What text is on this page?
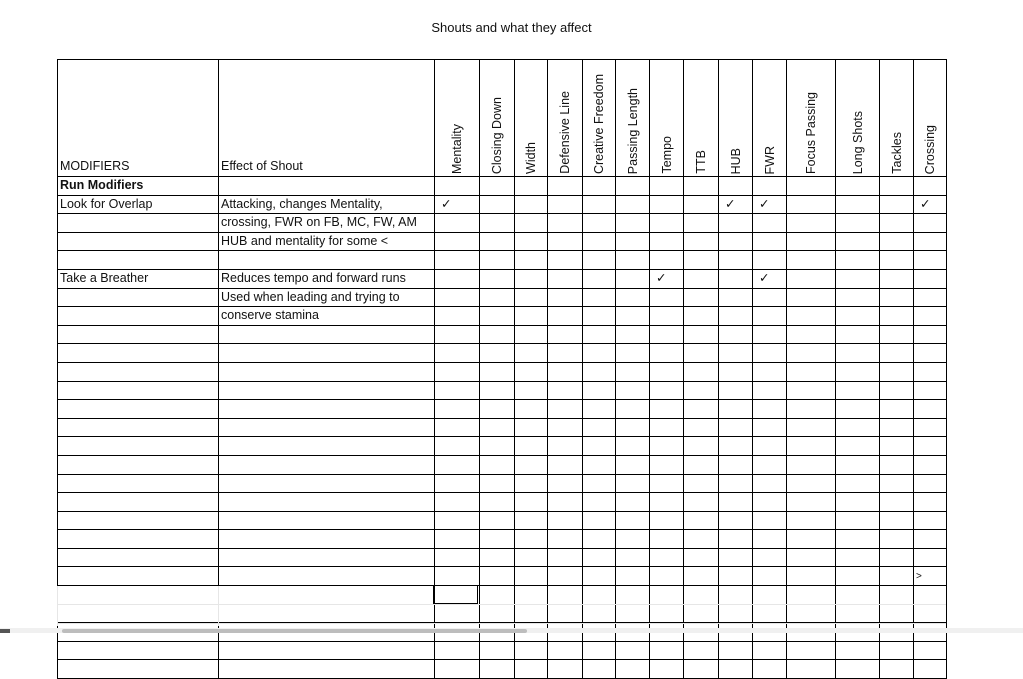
Shouts and what they affect
MODIFIERS	Effect of Shout	Mentality	Closing Down	Width	Defensive Line	Creative Freedom	Passing Length	Tempo	TTB	HUB	FWR	Focus Passing	Long Shots	Tackles	Crossing

Run Modifiers															
Look for Overlap	Attacking, changes Mentality,	✓								✓	✓				✓
	crossing, FWR on FB, MC, FW, AM														
	HUB and mentality for some <														

Take a Breather	Reduces tempo and forward runs							✓			✓				
	Used when leading and trying to														
	conserve stamina														

															>
